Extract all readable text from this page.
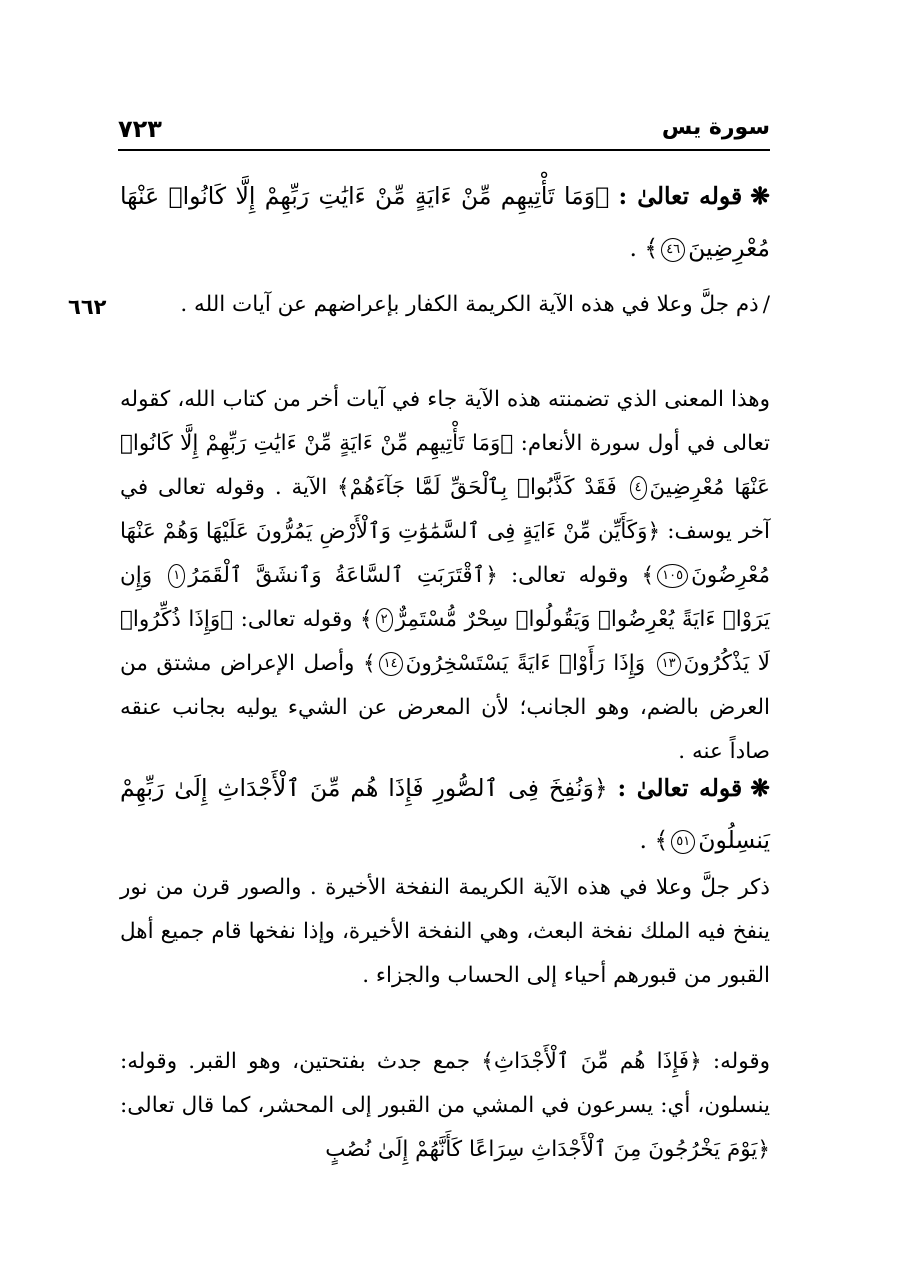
سورة يس
٧٢٣
٦٦٢

❋قوله تعالىٰ : ﴿وَمَا تَأْتِيهِم مِّنْ ءَايَةٍ مِّنْ ءَايَٰتِ رَبِّهِمْ إِلَّا كَانُوا۟ عَنْهَا مُعْرِضِينَ٤٦﴾ .

/ذم جلَّ وعلا في هذه الآية الكريمة الكفار بإعراضهم عن آيات الله .

وهذا المعنى الذي تضمنته هذه الآية جاء في آيات أخر من كتاب الله، كقوله تعالى في أول سورة الأنعام: ﴿وَمَا تَأْتِيهِم مِّنْ ءَايَةٍ مِّنْ ءَايَٰتِ رَبِّهِمْ إِلَّا كَانُوا۟ عَنْهَا مُعْرِضِينَ٤ فَقَدْ كَذَّبُوا۟ بِٱلْحَقِّ لَمَّا جَآءَهُمْ﴾ الآية . وقوله تعالى في آخر يوسف: ﴿وَكَأَيِّن مِّنْ ءَايَةٍ فِى ٱلسَّمَٰوَٰتِ وَٱلْأَرْضِ يَمُرُّونَ عَلَيْهَا وَهُمْ عَنْهَا مُعْرِضُونَ١٠٥﴾ وقوله تعالى: ﴿ٱقْتَرَبَتِ ٱلسَّاعَةُ وَٱنشَقَّ ٱلْقَمَرُ١ وَإِن يَرَوْا۟ ءَايَةً يُعْرِضُوا۟ وَيَقُولُوا۟ سِحْرٌ مُّسْتَمِرٌّ٢﴾ وقوله تعالى: ﴿وَإِذَا ذُكِّرُوا۟ لَا يَذْكُرُونَ١٣ وَإِذَا رَأَوْا۟ ءَايَةً يَسْتَسْخِرُونَ١٤﴾ وأصل الإعراض مشتق من العرض بالضم، وهو الجانب؛ لأن المعرض عن الشيء يوليه بجانب عنقه صاداً عنه .

❋قوله تعالىٰ : ﴿وَنُفِخَ فِى ٱلصُّورِ فَإِذَا هُم مِّنَ ٱلْأَجْدَاثِ إِلَىٰ رَبِّهِمْ يَنسِلُونَ٥١﴾ .

ذكر جلَّ وعلا في هذه الآية الكريمة النفخة الأخيرة . والصور قرن من نور ينفخ فيه الملك نفخة البعث، وهي النفخة الأخيرة، وإذا نفخها قام جميع أهل القبور من قبورهم أحياء إلى الحساب والجزاء .

وقوله: ﴿فَإِذَا هُم مِّنَ ٱلْأَجْدَاثِ﴾ جمع جدث بفتحتين، وهو القبر. وقوله: ينسلون، أي: يسرعون في المشي من القبور إلى المحشر، كما قال تعالى: ﴿يَوْمَ يَخْرُجُونَ مِنَ ٱلْأَجْدَاثِ سِرَاعًا كَأَنَّهُمْ إِلَىٰ نُصُبٍ
